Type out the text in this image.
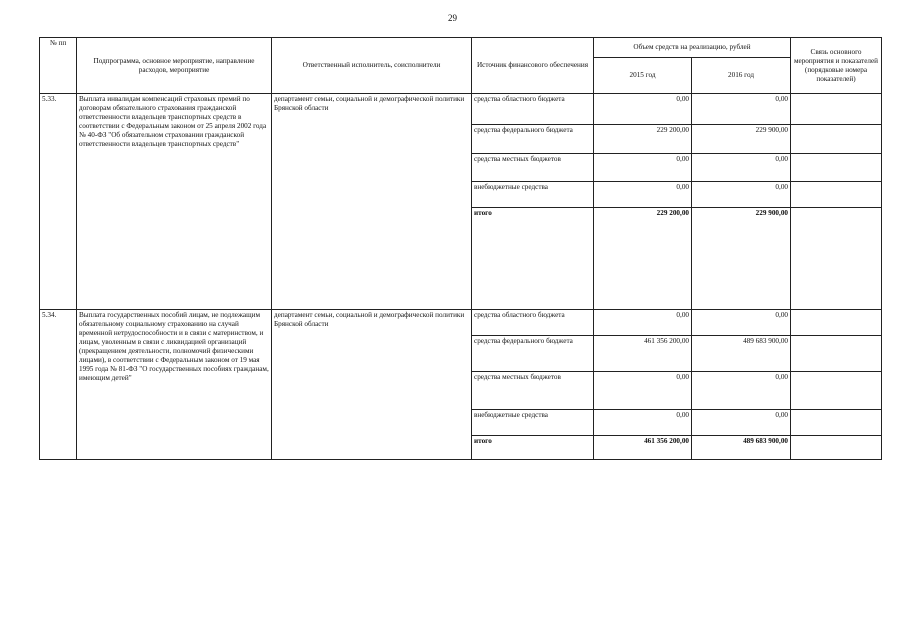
29
№ пп	Подпрограмма, основное мероприятие, направление расходов, мероприятие	Ответственный исполнитель, соисполнители	Источник финансового обеспечения	Объем средств на реализацию, рублей		Связь основного мероприятия и показателей (порядковые номера показателей)
				2015 год	2016 год	
5.33.	Выплата инвалидам компенсаций страховых премий по договорам обязательного страхования гражданской ответственности владельцев транспортных средств в соответствии с Федеральным законом от 25 апреля 2002 года № 40-ФЗ "Об обязательном страховании гражданской ответственности владельцев транспортных средств"	департамент семьи, социальной и демографической политики Брянской области	средства областного бюджета	0,00	0,00	
			средства федерального бюджета	229 200,00	229 900,00	
			средства местных бюджетов	0,00	0,00	
			внебюджетные средства	0,00	0,00	
			итого	229 200,00	229 900,00	
5.34.	Выплата государственных пособий лицам, не подлежащим обязательному социальному страхованию на случай временной нетрудоспособности и в связи с материнством, и лицам, уволенным в связи с ликвидацией организаций (прекращением деятельности, полномочий физическими лицами), в соответствии с Федеральным законом от 19 мая 1995 года № 81-ФЗ "О государственных пособиях гражданам, имеющим детей"	департамент семьи, социальной и демографической политики Брянской области	средства областного бюджета	0,00	0,00	
			средства федерального бюджета	461 356 200,00	489 683 900,00	
			средства местных бюджетов	0,00	0,00	
			внебюджетные средства	0,00	0,00	
			итого	461 356 200,00	489 683 900,00	
